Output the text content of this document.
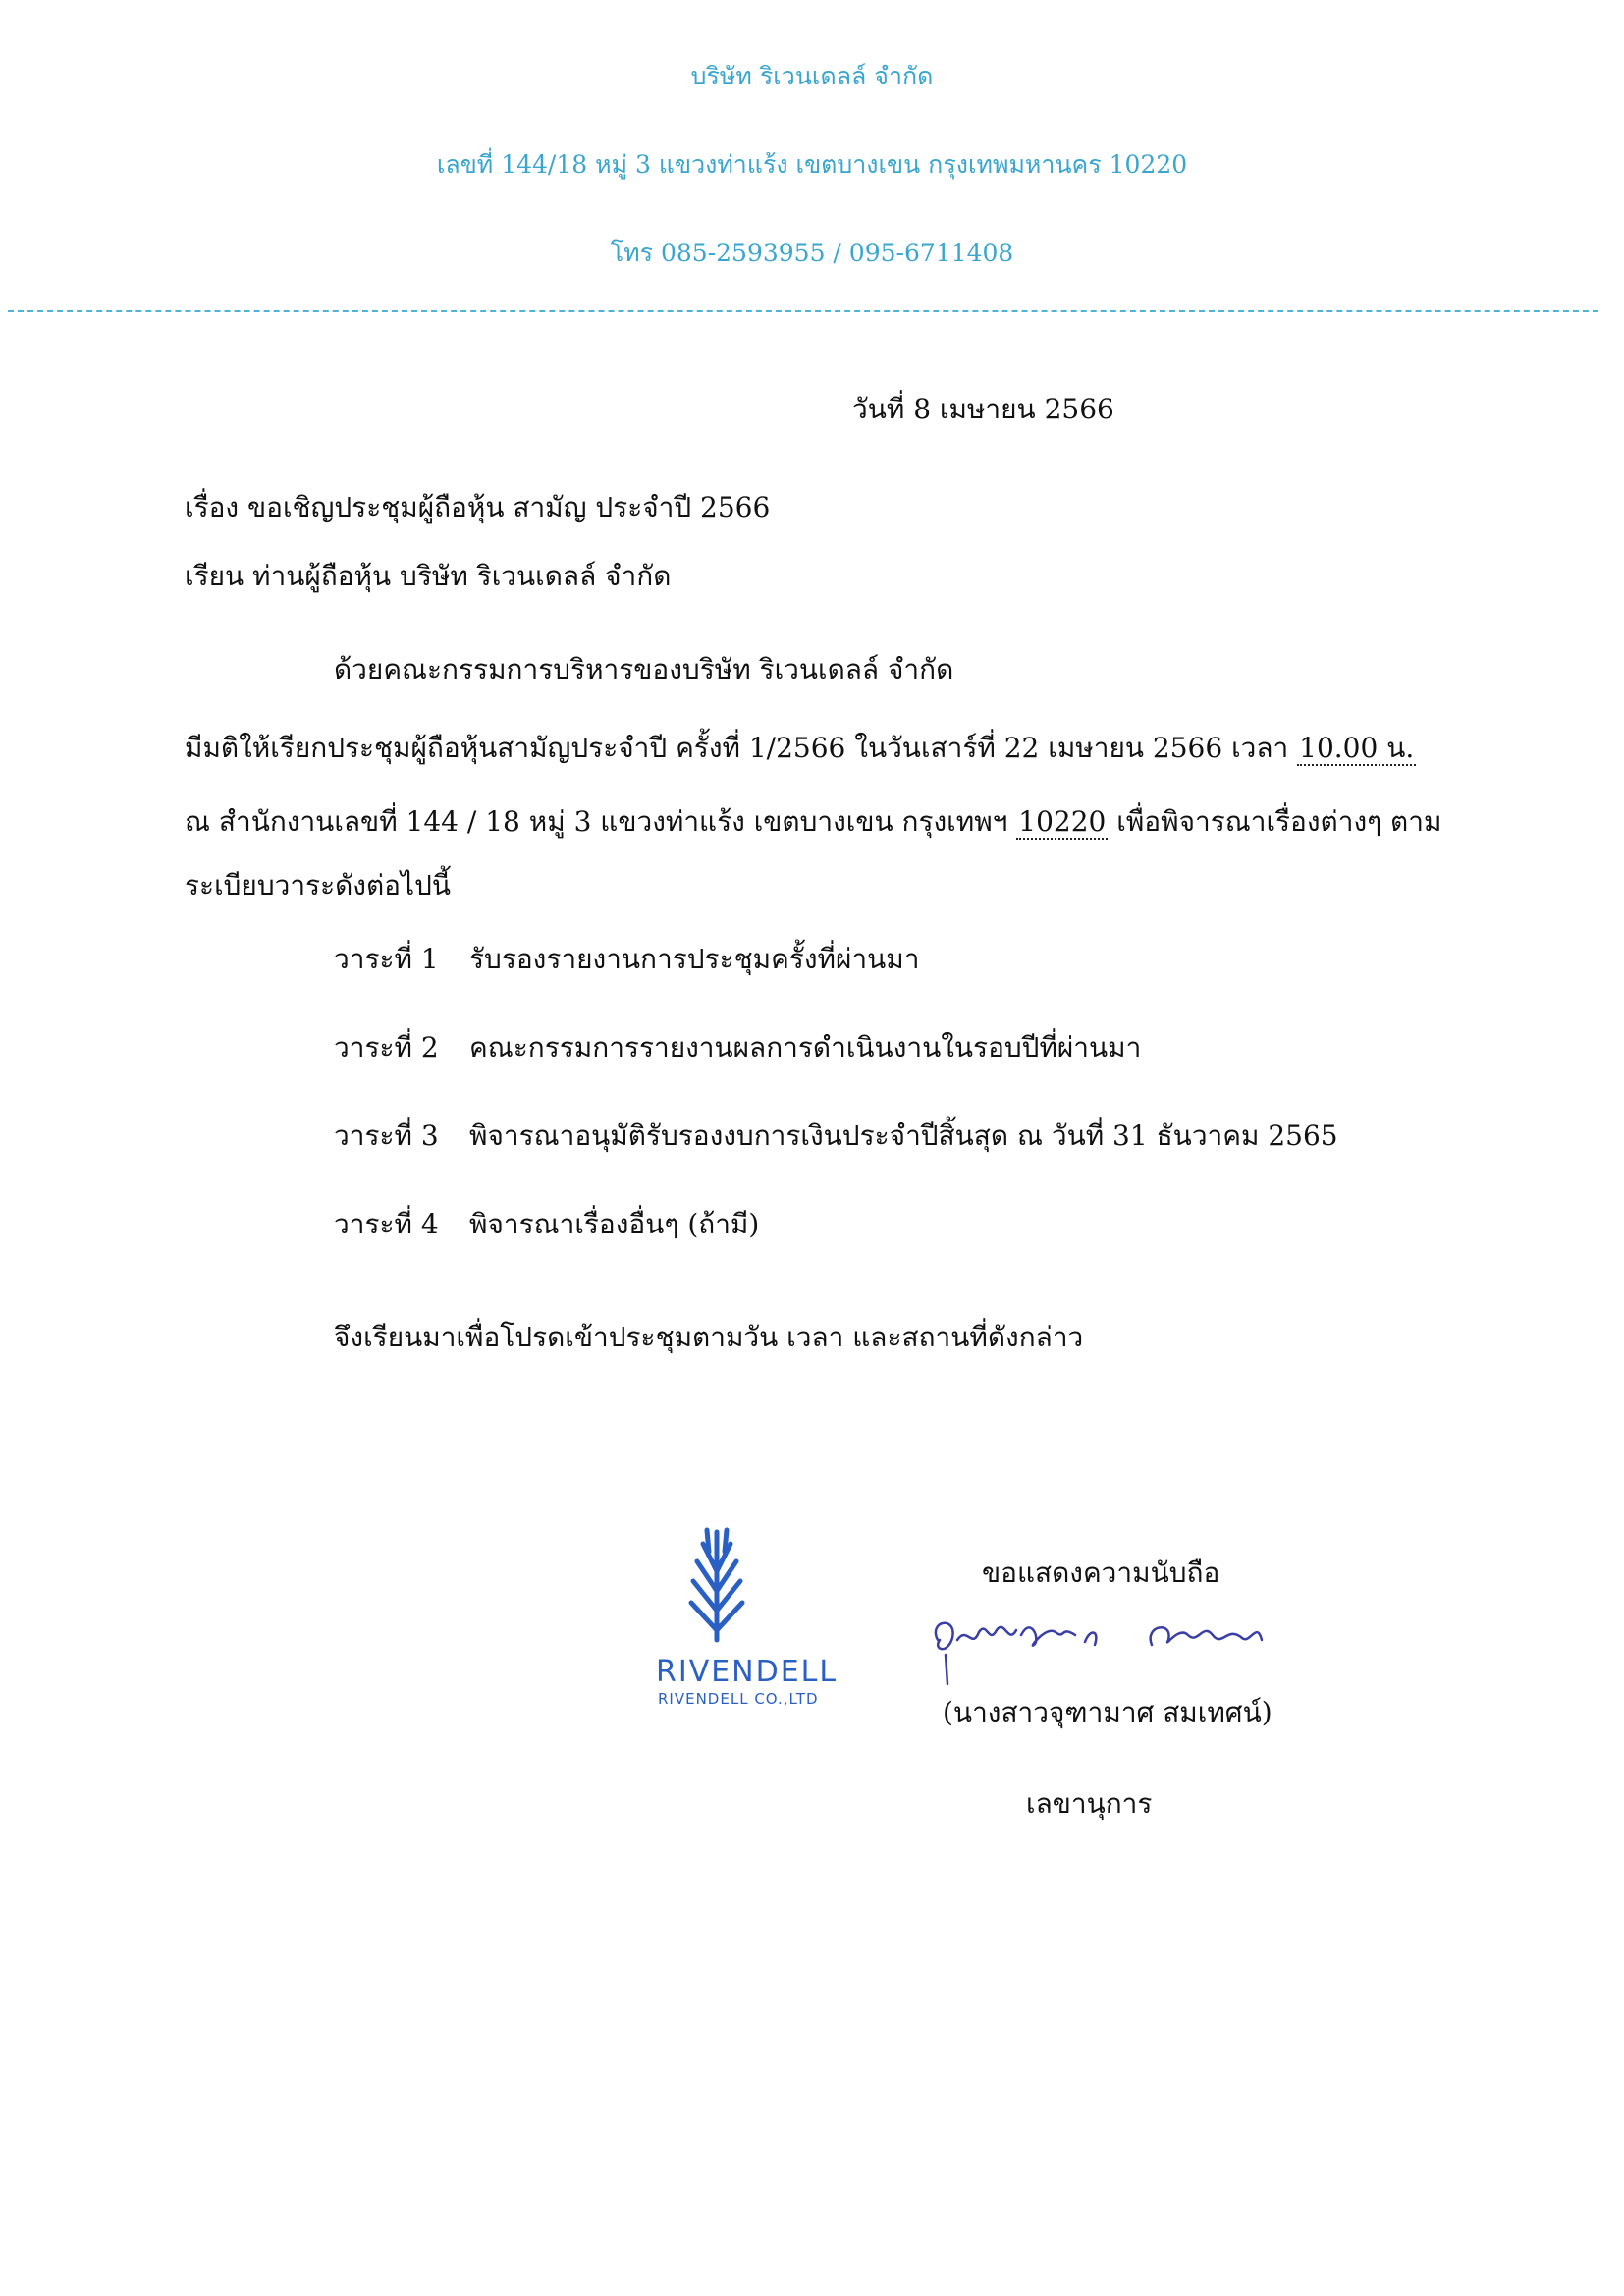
บริษัท ริเวนเดลล์ จำกัด
เลขที่ 144/18 หมู่ 3 แขวงท่าแร้ง เขตบางเขน กรุงเทพมหานคร 10220
โทร 085-2593955 / 095-6711408
วันที่ 8 เมษายน 2566
เรื่อง ขอเชิญประชุมผู้ถือหุ้น สามัญ ประจำปี 2566
เรียน ท่านผู้ถือหุ้น บริษัท ริเวนเดลล์ จำกัด
ด้วยคณะกรรมการบริหารของบริษัท ริเวนเดลล์ จำกัด
มีมติให้เรียกประชุมผู้ถือหุ้นสามัญประจำปี ครั้งที่ 1/2566 ในวันเสาร์ที่ 22 เมษายน 2566 เวลา 10.00 น.
ณ สำนักงานเลขที่ 144 / 18 หมู่ 3 แขวงท่าแร้ง เขตบางเขน กรุงเทพฯ 10220 เพื่อพิจารณาเรื่องต่างๆ ตาม
ระเบียบวาระดังต่อไปนี้
วาระที่ 1 รับรองรายงานการประชุมครั้งที่ผ่านมา
วาระที่ 2 คณะกรรมการรายงานผลการดำเนินงานในรอบปีที่ผ่านมา
วาระที่ 3 พิจารณาอนุมัติรับรองงบการเงินประจำปีสิ้นสุด ณ วันที่ 31 ธันวาคม 2565
วาระที่ 4 พิจารณาเรื่องอื่นๆ (ถ้ามี)
จึงเรียนมาเพื่อโปรดเข้าประชุมตามวัน เวลา และสถานที่ดังกล่าว
RIVENDELL
RIVENDELL CO.,LTD
ขอแสดงความนับถือ
(นางสาวจุฑามาศ สมเทศน์)
เลขานุการ
